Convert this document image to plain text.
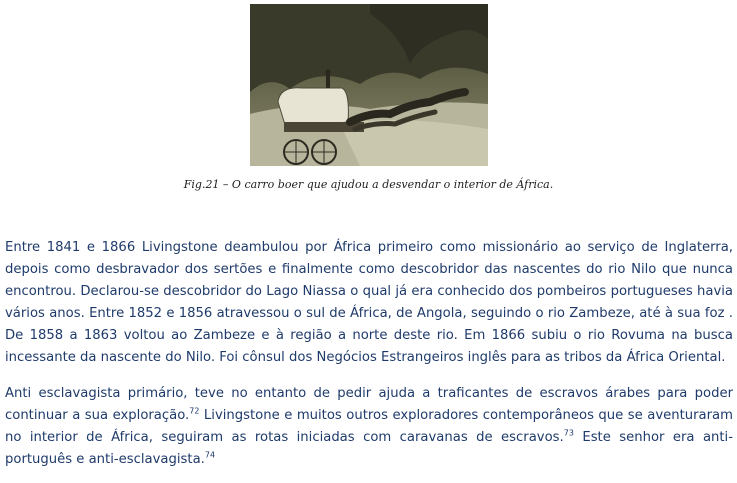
Fig.21 – O carro boer que ajudou a desvendar o interior de África.

Entre 1841 e 1866 Livingstone deambulou por África primeiro como missionário ao serviço de Inglaterra, depois como desbravador dos sertões e finalmente como descobridor das nascentes do rio Nilo que nunca encontrou. Declarou-se descobridor do Lago Niassa o qual já era conhecido dos pombeiros portugueses havia vários anos. Entre 1852 e 1856 atravessou o sul de África, de Angola, seguindo o rio Zambeze, até à sua foz . De 1858 a 1863 voltou ao Zambeze e à região a norte deste rio. Em 1866 subiu o rio Rovuma na busca incessante da nascente do Nilo. Foi cônsul dos Negócios Estrangeiros inglês para as tribos da África Oriental.

Anti esclavagista primário, teve no entanto de pedir ajuda a traficantes de escravos árabes para poder continuar a sua exploração.$^{72}$ Livingstone e muitos outros exploradores contemporâneos que se aventuraram no interior de África, seguiram as rotas iniciadas com caravanas de escravos.$^{73}$ Este senhor era anti-português e anti-esclavagista.$^{74}$
